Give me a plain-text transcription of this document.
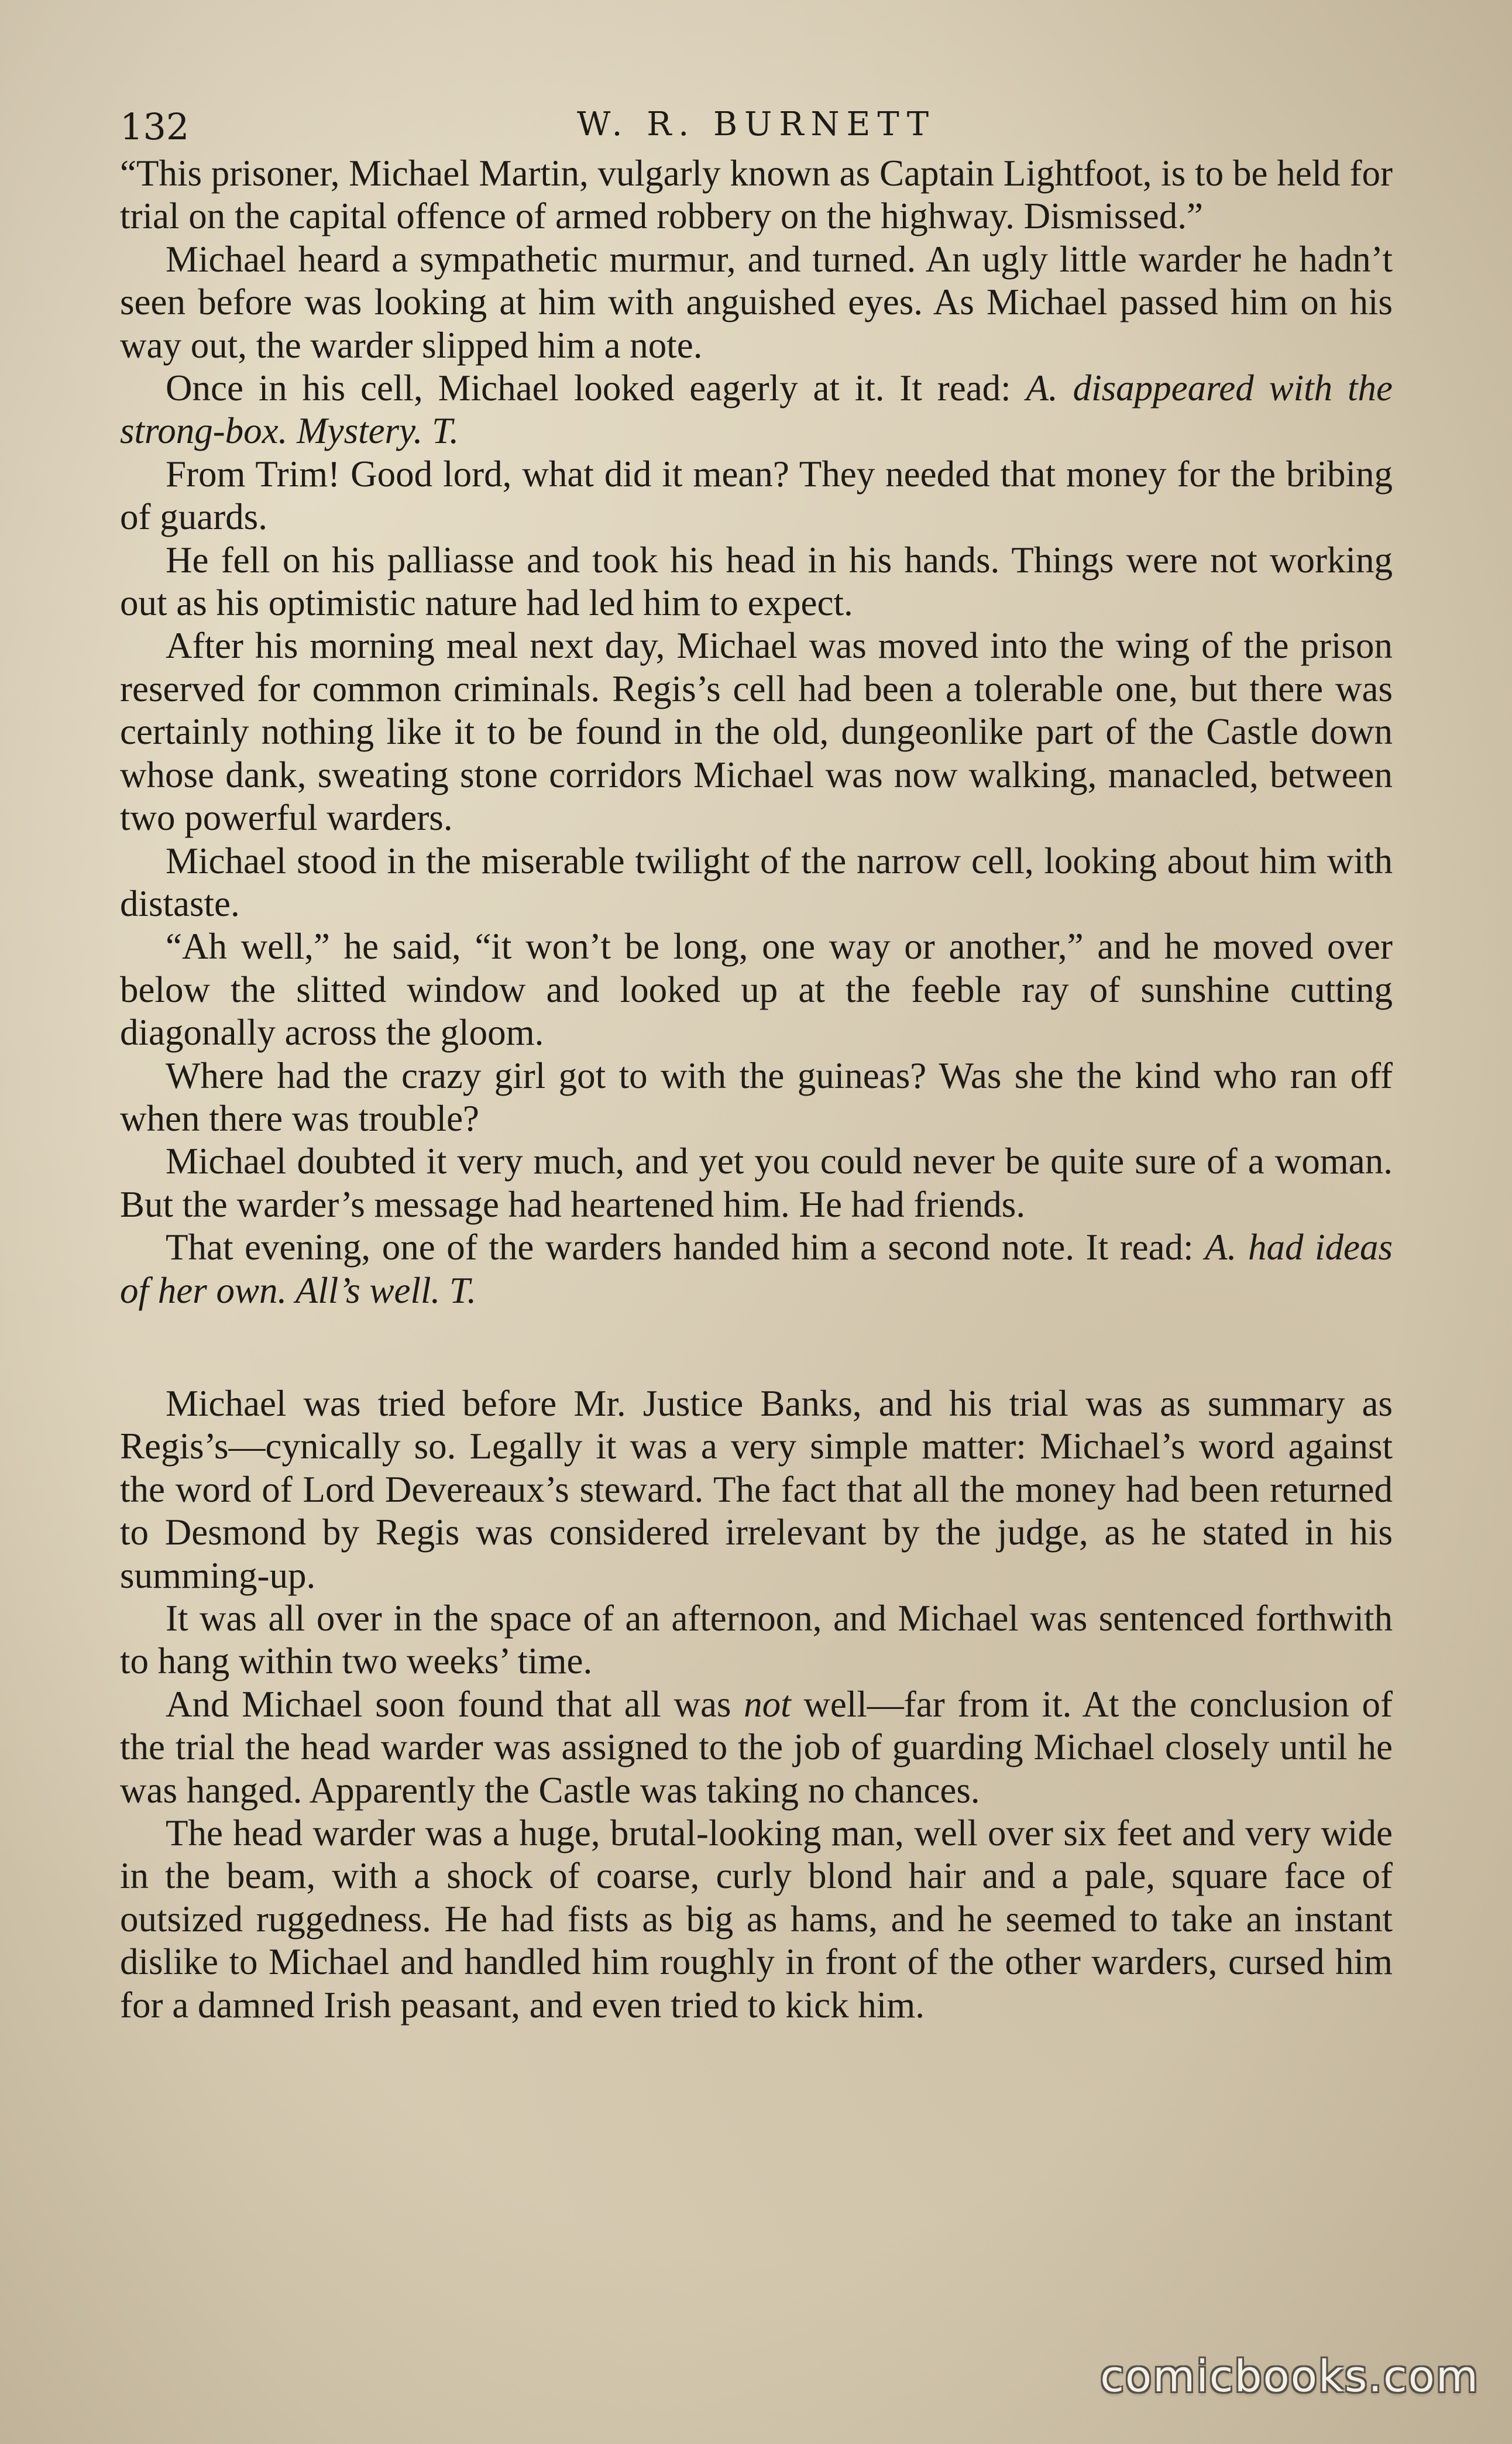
132	W. R. BURNETT

“This prisoner, Michael Martin, vulgarly known as Captain Lightfoot, is to be held for trial on the capital offence of armed robbery on the highway. Dismissed.”

Michael heard a sympathetic murmur, and turned. An ugly little warder he hadn’t seen before was looking at him with anguished eyes. As Michael passed him on his way out, the warder slipped him a note.

Once in his cell, Michael looked eagerly at it. It read: A. disappeared with the strong-box. Mystery. T.

From Trim! Good lord, what did it mean? They needed that money for the bribing of guards.

He fell on his palliasse and took his head in his hands. Things were not working out as his optimistic nature had led him to expect.

After his morning meal next day, Michael was moved into the wing of the prison reserved for common criminals. Regis’s cell had been a tolerable one, but there was certainly nothing like it to be found in the old, dungeonlike part of the Castle down whose dank, sweating stone corridors Michael was now walking, manacled, between two powerful warders.

Michael stood in the miserable twilight of the narrow cell, looking about him with distaste.

“Ah well,” he said, “it won’t be long, one way or another,” and he moved over below the slitted window and looked up at the feeble ray of sunshine cutting diagonally across the gloom.

Where had the crazy girl got to with the guineas? Was she the kind who ran off when there was trouble?

Michael doubted it very much, and yet you could never be quite sure of a woman. But the warder’s message had heartened him. He had friends.

That evening, one of the warders handed him a second note. It read: A. had ideas of her own. All’s well. T.

Michael was tried before Mr. Justice Banks, and his trial was as summary as Regis’s—cynically so. Legally it was a very simple matter: Michael’s word against the word of Lord Devereaux’s steward. The fact that all the money had been returned to Desmond by Regis was considered irrelevant by the judge, as he stated in his summing-up.

It was all over in the space of an afternoon, and Michael was sentenced forthwith to hang within two weeks’ time.

And Michael soon found that all was not well—far from it. At the conclusion of the trial the head warder was assigned to the job of guarding Michael closely until he was hanged. Apparently the Castle was taking no chances.

The head warder was a huge, brutal-looking man, well over six feet and very wide in the beam, with a shock of coarse, curly blond hair and a pale, square face of outsized ruggedness. He had fists as big as hams, and he seemed to take an instant dislike to Michael and handled him roughly in front of the other warders, cursed him for a damned Irish peasant, and even tried to kick him.

comicbooks.com
